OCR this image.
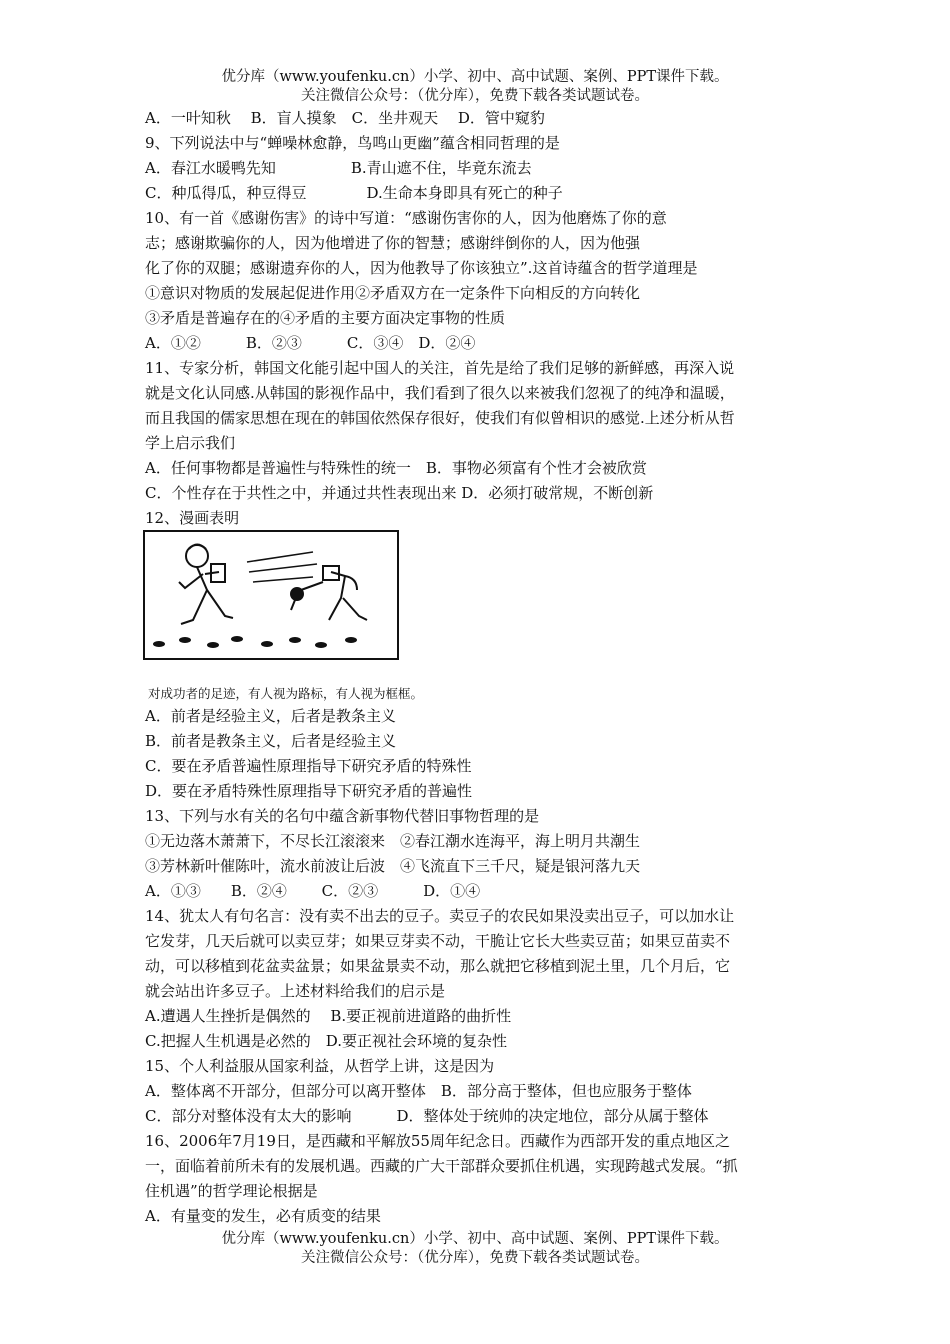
优分库（www.youfenku.cn）小学、初中、高中试题、案例、PPT课件下载。
关注微信公众号：（优分库），免费下载各类试题试卷。
A．一叶知秋　 B．盲人摸象　C．坐井观天　 D．管中窥豹
9、下列说法中与“蝉噪林愈静，鸟鸣山更幽”蕴含相同哲理的是
A．春江水暖鸭先知　　　　　B.青山遮不住，毕竟东流去
C．种瓜得瓜，种豆得豆　　　　D.生命本身即具有死亡的种子
10、有一首《感谢伤害》的诗中写道：“感谢伤害你的人，因为他磨炼了你的意
志；感谢欺骗你的人，因为他增进了你的智慧；感谢绊倒你的人，因为他强
化了你的双腿；感谢遗弃你的人，因为他教导了你该独立”.这首诗蕴含的哲学道理是
①意识对物质的发展起促进作用②矛盾双方在一定条件下向相反的方向转化
③矛盾是普遍存在的④矛盾的主要方面决定事物的性质
A．①②　　　B．②③　　　C．③④　D．②④
11、专家分析，韩国文化能引起中国人的关注，首先是给了我们足够的新鲜感，再深入说
就是文化认同感.从韩国的影视作品中，我们看到了很久以来被我们忽视了的纯净和温暖，
而且我国的儒家思想在现在的韩国依然保存很好，使我们有似曾相识的感觉.上述分析从哲
学上启示我们
A．任何事物都是普遍性与特殊性的统一　B．事物必须富有个性才会被欣赏
C．个性存在于共性之中，并通过共性表现出来 D．必须打破常规，不断创新
12、漫画表明
对成功者的足迹，有人视为路标，有人视为框框。
A．前者是经验主义，后者是教条主义
B．前者是教条主义，后者是经验主义
C．要在矛盾普遍性原理指导下研究矛盾的特殊性
D．要在矛盾特殊性原理指导下研究矛盾的普遍性
13、下列与水有关的名句中蕴含新事物代替旧事物哲理的是
①无边落木萧萧下，不尽长江滚滚来　②春江潮水连海平，海上明月共潮生
③芳林新叶催陈叶，流水前波让后波　④飞流直下三千尺，疑是银河落九天
A．①③　　B．②④　　 C．②③　　　D．①④
14、犹太人有句名言：没有卖不出去的豆子。卖豆子的农民如果没卖出豆子，可以加水让
它发芽，几天后就可以卖豆芽；如果豆芽卖不动，干脆让它长大些卖豆苗；如果豆苗卖不
动，可以移植到花盆卖盆景；如果盆景卖不动，那么就把它移植到泥土里，几个月后，它
就会站出许多豆子。上述材料给我们的启示是
A.遭遇人生挫折是偶然的　 B.要正视前进道路的曲折性
C.把握人生机遇是必然的　D.要正视社会环境的复杂性
15、个人利益服从国家利益，从哲学上讲，这是因为
A．整体离不开部分，但部分可以离开整体　B．部分高于整体，但也应服务于整体
C．部分对整体没有太大的影响　　　D．整体处于统帅的决定地位，部分从属于整体
16、2006年7月19日，是西藏和平解放55周年纪念日。西藏作为西部开发的重点地区之
一，面临着前所未有的发展机遇。西藏的广大干部群众要抓住机遇，实现跨越式发展。“抓
住机遇”的哲学理论根据是
A．有量变的发生，必有质变的结果
优分库（www.youfenku.cn）小学、初中、高中试题、案例、PPT课件下载。
关注微信公众号：（优分库），免费下载各类试题试卷。
